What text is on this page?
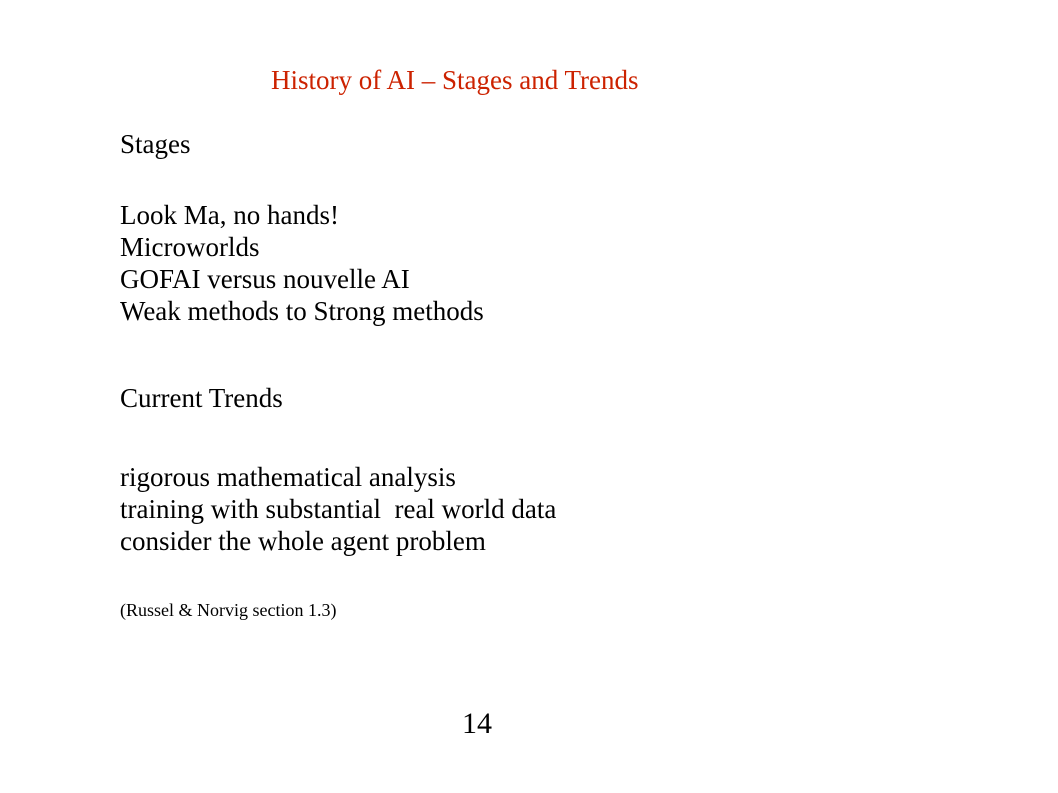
History of AI – Stages and Trends
Stages
Look Ma, no hands!
Microworlds
GOFAI versus nouvelle AI
Weak methods to Strong methods
Current Trends
rigorous mathematical analysis
training with substantial  real world data
consider the whole agent problem
(Russel & Norvig section 1.3)
14
